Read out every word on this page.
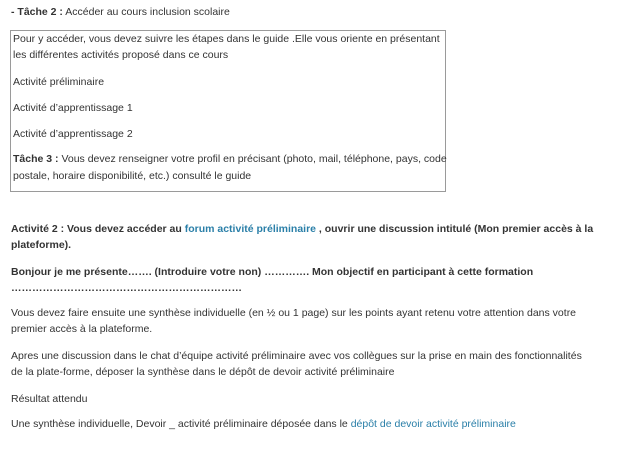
- Tâche 2 : Accéder au cours inclusion scolaire
Pour y accéder, vous devez suivre les étapes dans le guide .Elle vous oriente en présentant
les différentes activités proposé dans ce cours
Activité préliminaire
Activité d’apprentissage 1
Activité d’apprentissage 2
Tâche 3 : Vous devez renseigner votre profil en précisant (photo, mail, téléphone, pays, code
postale, horaire disponibilité, etc.) consulté le guide
Activité 2 : Vous devez accéder au forum activité préliminaire , ouvrir une discussion intitulé (Mon premier accès à la
plateforme).
Bonjour je me présente……. (Introduire votre non) …………. Mon objectif en participant à cette formation
…………………………………………………………
Vous devez faire ensuite une synthèse individuelle (en ½ ou 1 page) sur les points ayant retenu votre attention dans votre
premier accès à la plateforme.
Apres une discussion dans le chat d’équipe activité préliminaire avec vos collègues sur la prise en main des fonctionnalités
de la plate-forme, déposer la synthèse dans le dépôt de devoir activité préliminaire
Résultat attendu
Une synthèse individuelle, Devoir _ activité préliminaire déposée dans le dépôt de devoir activité préliminaire
